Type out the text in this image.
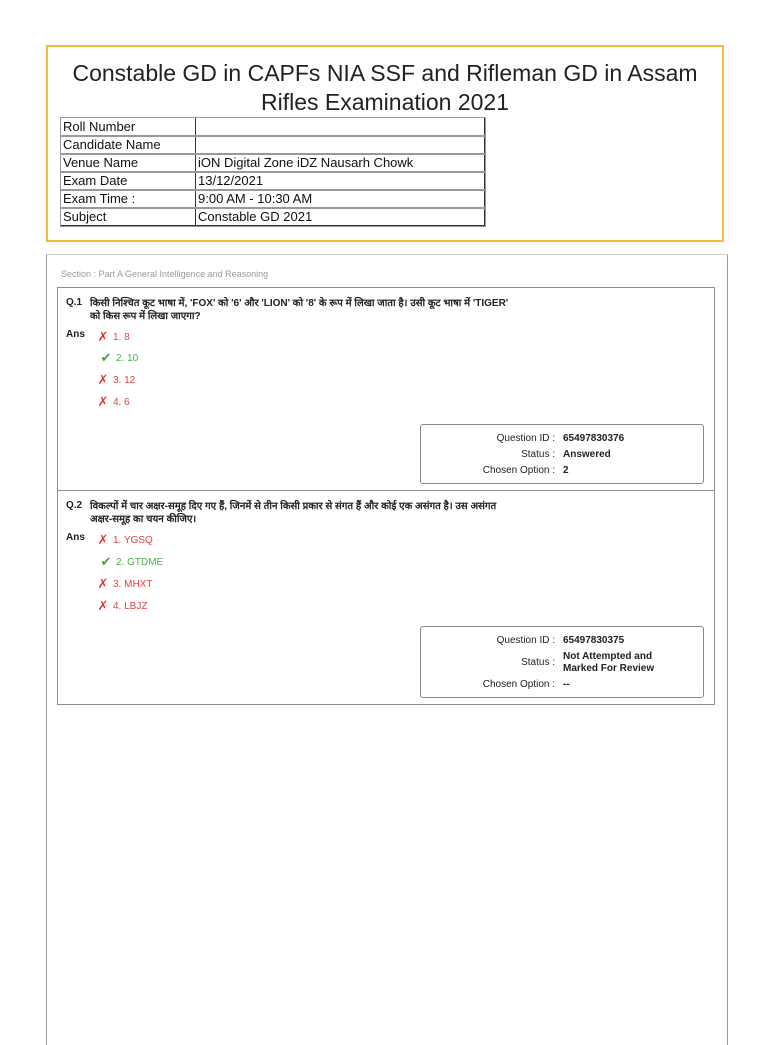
Constable GD in CAPFs NIA SSF and Rifleman GD in Assam Rifles Examination 2021
Roll Number	
Candidate Name	
Venue Name	iON Digital Zone iDZ Nausarh Chowk
Exam Date	13/12/2021
Exam Time :	9:00 AM - 10:30 AM
Subject	Constable GD 2021
Section : Part A General Intelligence and Reasoning
Q.1 किसी निश्चित कूट भाषा में, 'FOX' को '6' और 'LION' को '8' के रूप में लिखा जाता है। उसी कूट भाषा में 'TIGER' को किस रूप में लिखा जाएगा?
Ans ✗ 1. 8
✔ 2. 10
✗ 3. 12
✗ 4. 6
Question ID : 65497830376
Status : Answered
Chosen Option : 2
Q.2 विकल्पों में चार अक्षर-समूह दिए गए हैं, जिनमें से तीन किसी प्रकार से संगत हैं और कोई एक असंगत है। उस असंगत अक्षर-समूह का चयन कीजिए।
Ans ✗ 1. YGSQ
✔ 2. GTDME
✗ 3. MHXT
✗ 4. LBJZ
Question ID : 65497830375
Status :
Not Attempted and Marked For Review
Chosen Option : --
